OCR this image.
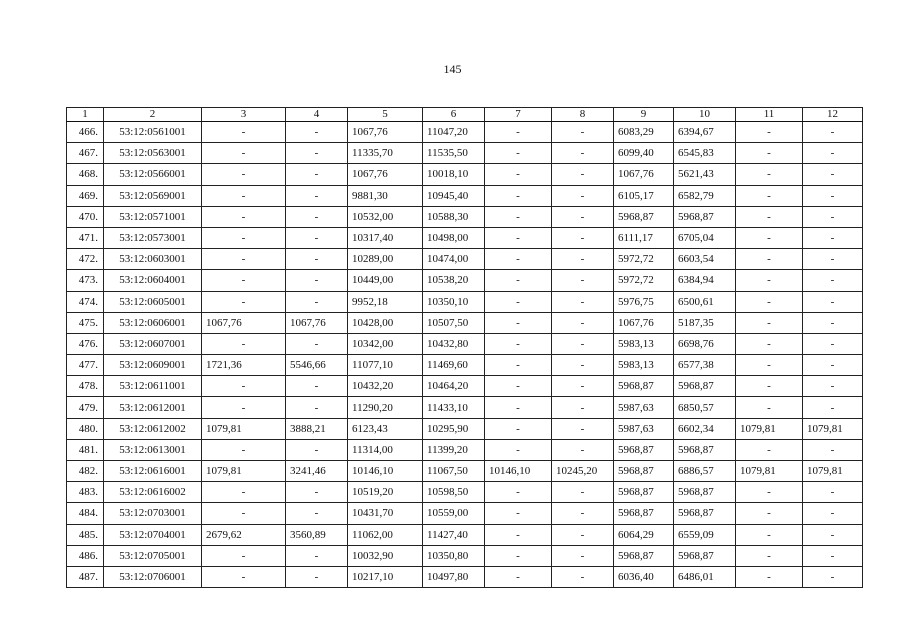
145
1	2	3	4	5	6	7	8	9	10	11	12
466.	53:12:0561001	-	-	1067,76	11047,20	-	-	6083,29	6394,67	-	-
467.	53:12:0563001	-	-	11335,70	11535,50	-	-	6099,40	6545,83	-	-
468.	53:12:0566001	-	-	1067,76	10018,10	-	-	1067,76	5621,43	-	-
469.	53:12:0569001	-	-	9881,30	10945,40	-	-	6105,17	6582,79	-	-
470.	53:12:0571001	-	-	10532,00	10588,30	-	-	5968,87	5968,87	-	-
471.	53:12:0573001	-	-	10317,40	10498,00	-	-	6111,17	6705,04	-	-
472.	53:12:0603001	-	-	10289,00	10474,00	-	-	5972,72	6603,54	-	-
473.	53:12:0604001	-	-	10449,00	10538,20	-	-	5972,72	6384,94	-	-
474.	53:12:0605001	-	-	9952,18	10350,10	-	-	5976,75	6500,61	-	-
475.	53:12:0606001	1067,76	1067,76	10428,00	10507,50	-	-	1067,76	5187,35	-	-
476.	53:12:0607001	-	-	10342,00	10432,80	-	-	5983,13	6698,76	-	-
477.	53:12:0609001	1721,36	5546,66	11077,10	11469,60	-	-	5983,13	6577,38	-	-
478.	53:12:0611001	-	-	10432,20	10464,20	-	-	5968,87	5968,87	-	-
479.	53:12:0612001	-	-	11290,20	11433,10	-	-	5987,63	6850,57	-	-
480.	53:12:0612002	1079,81	3888,21	6123,43	10295,90	-	-	5987,63	6602,34	1079,81	1079,81
481.	53:12:0613001	-	-	11314,00	11399,20	-	-	5968,87	5968,87	-	-
482.	53:12:0616001	1079,81	3241,46	10146,10	11067,50	10146,10	10245,20	5968,87	6886,57	1079,81	1079,81
483.	53:12:0616002	-	-	10519,20	10598,50	-	-	5968,87	5968,87	-	-
484.	53:12:0703001	-	-	10431,70	10559,00	-	-	5968,87	5968,87	-	-
485.	53:12:0704001	2679,62	3560,89	11062,00	11427,40	-	-	6064,29	6559,09	-	-
486.	53:12:0705001	-	-	10032,90	10350,80	-	-	5968,87	5968,87	-	-
487.	53:12:0706001	-	-	10217,10	10497,80	-	-	6036,40	6486,01	-	-
